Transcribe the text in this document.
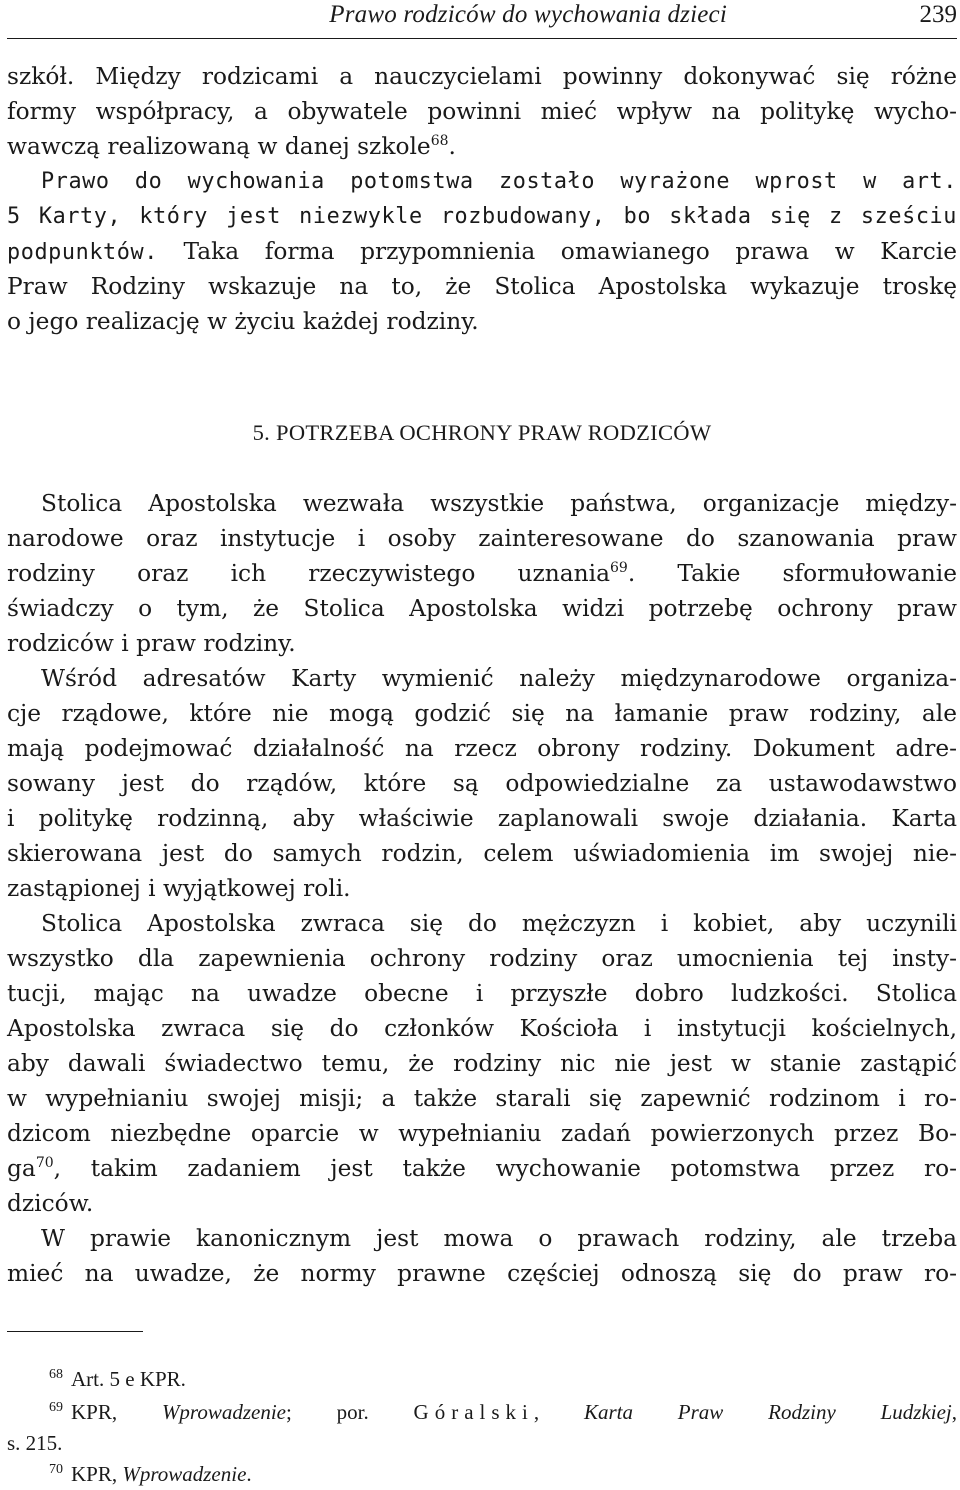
Prawo rodziców do wychowania dzieci	239
szkół. Między rodzicami a nauczycielami powinny dokonywać się różne
formy współpracy, a obywatele powinni mieć wpływ na politykę wycho-
wawczą realizowaną w danej szkole$^{68}$.
Prawo do wychowania potomstwa zostało wyrażone wprost w art.
5 Karty, który jest niezwykle rozbudowany, bo składa się z sześciu
podpunktów. Taka forma przypomnienia omawianego prawa w Karcie
Praw Rodziny wskazuje na to, że Stolica Apostolska wykazuje troskę
o jego realizację w życiu każdej rodziny.
5. POTRZEBA OCHRONY PRAW RODZICÓW
Stolica Apostolska wezwała wszystkie państwa, organizacje między-
narodowe oraz instytucje i osoby zainteresowane do szanowania praw
rodziny oraz ich rzeczywistego uznania$^{69}$. Takie sformułowanie
świadczy o tym, że Stolica Apostolska widzi potrzebę ochrony praw
rodziców i praw rodziny.
Wśród adresatów Karty wymienić należy międzynarodowe organiza-
cje rządowe, które nie mogą godzić się na łamanie praw rodziny, ale
mają podejmować działalność na rzecz obrony rodziny. Dokument adre-
sowany jest do rządów, które są odpowiedzialne za ustawodawstwo
i politykę rodzinną, aby właściwie zaplanowali swoje działania. Karta
skierowana jest do samych rodzin, celem uświadomienia im swojej nie-
zastąpionej i wyjątkowej roli.
Stolica Apostolska zwraca się do mężczyzn i kobiet, aby uczynili
wszystko dla zapewnienia ochrony rodziny oraz umocnienia tej insty-
tucji, mając na uwadze obecne i przyszłe dobro ludzkości. Stolica
Apostolska zwraca się do członków Kościoła i instytucji kościelnych,
aby dawali świadectwo temu, że rodziny nic nie jest w stanie zastąpić
w wypełnianiu swojej misji; a także starali się zapewnić rodzinom i ro-
dzicom niezbędne oparcie w wypełnianiu zadań powierzonych przez Bo-
$ga^{70}$, takim zadaniem jest także wychowanie potomstwa przez ro-
dziców.
W prawie kanonicznym jest mowa o prawach rodziny, ale trzeba
mieć na uwadze, że normy prawne częściej odnoszą się do praw ro-
$^{68}$ Art. 5 e KPR.
$^{69}$ KPR, Wprowadzenie; por. Góralski, Karta Praw Rodziny Ludzkiej,
s. 215.
$^{70}$ KPR, Wprowadzenie.
